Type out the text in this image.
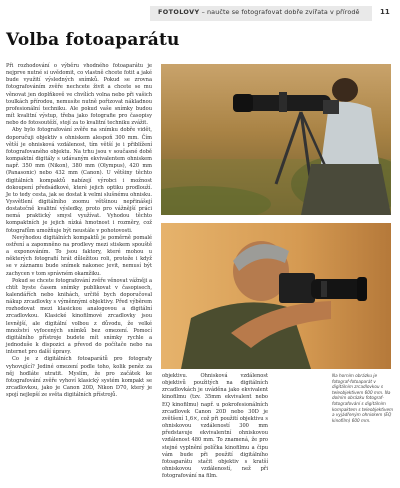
FOTOLOVY – naučte se fotografovat dobře zvířata v přírodě	11
Volba fotoaparátu

Při rozhodování o výběru vhodného fotoaparátu je nejprve nutné si uvědomit, co vlastně chcete fotit a jaké bude využití výsledných snímků. Pokud se zrovna fotografováním zvěře nechcete živit a chcete se mu věnovat jen doplňkově ve chvílích volna nebo při vašich toulkách přírodou, nemusíte nutně pořizovat nákladnou profesionální techniku. Ale pokud vaše snímky budou mít kvalitní výstup, třeba jako fotografie pro časopisy nebo do fotosoutěží, stojí za to kvalitní techniku zvážit.

Aby bylo fotografování zvěře na snímku dobře vidět, doporučuji objektiv s ohniskem alespoň 300 mm. Čím větší je ohnisková vzdálenost, tím větší je i přiblížení fotografovaného objektu. Na trhu jsou v současné době kompaktní digitály s udávaným ekvivalentem ohniskem např. 350 mm (Nikon), 380 mm (Olympus), 420 mm (Panasonic) nebo 432 mm (Canon). U většiny těchto digitálních kompaktů nabízejí výrobci i možnost dokoupení předsádkové, které jejich optiku prodlouží. Je to tedy cesta, jak se dostat k velmi slušnému ohnisku. Vysvětlení digitálního zoomu většinou nepřinášejí dostatečně kvalitní výsledky, proto pro vážnější práci nemá praktický smysl využívat. Vyhodou těchto kompaktních je jejich nízká hmotnost i rozměry, což fotografům umožňuje být neustále v pohotovosti.

Nevýhodou digitálních kompaktů je poměrně pomalé ostření a zapomněno na prodlevy mezi stiskem spouště a exponováním. To jsou faktory, které mohou u některých fotografií hrát důležitou roli, protože i když se v záznamu bude snímek nakonec jevit, nemusí být zachycen v tom správném okamžiku.

Pokud se chcete fotografování zvěře věnovat vážněji a chtít byste časem snímky publikovat v časopisech, kalendářích nebo knihách, určitě bych doporučoval nákup zrcadlovky s výměnnými objektivy. Před výběrem rozhodovat mezi klasickou analogovou a digitální zrcadlovkou. Klasické kinofilmové zrcadlovky jsou levnější, ale digitální volbou z důvodu, že velké množství vyfocených snímků bez omezení. Pomocí digitálního přístroje budete mít snímky rychle a jednoduše k dispozici a převod do počítače nebo na internet pro další úpravy.

Co je z digitálních fotoaparátů pro fotografy vyhovující? Jediné omezení podle toho, kolik peněz za něj hodláte utratit. Myslím, že pro začátek ke fotografování zvěře vyhoví klasický systém kompakt se zrcadlovkou, jako je Canon 20D, Nikon D70, který je spojí nejlepší ze světa digitálních přístrojů.

objektivu. Ohnisková vzdálenost objektivů použitých na digitálních zrcadlovkách je uváděna jako ekvivalent kinofilmu (tzv. 35mm ekvivalent nebo EQ kinofilmu) např. u pokrofesionálních zrcadlovek Canon 20D nebo 30D je zvětšení 1,6×, což při použití objektivu s ohniskovou vzdáleností 300 mm představuje ekvivalentní ohniskovou vzdálenost 480 mm. To znamená, že pro stejné vyplnění políčka kinofilmu a čipu vám bude při použití digitálního fotoaparátu stačit objektiv s kratší ohniskovou vzdáleností, než při fotografování na film.

Na horním obrázku je fotograf-fotoaparát v digitálním zrcadlovkou s teleobjektivem 600 mm. Na dolním obrázku fotograf-fotografování s digitálním kompaktem s teleobjektivem a vyjádřeným ohniskem (EQ kinofilm) 600 mm.
